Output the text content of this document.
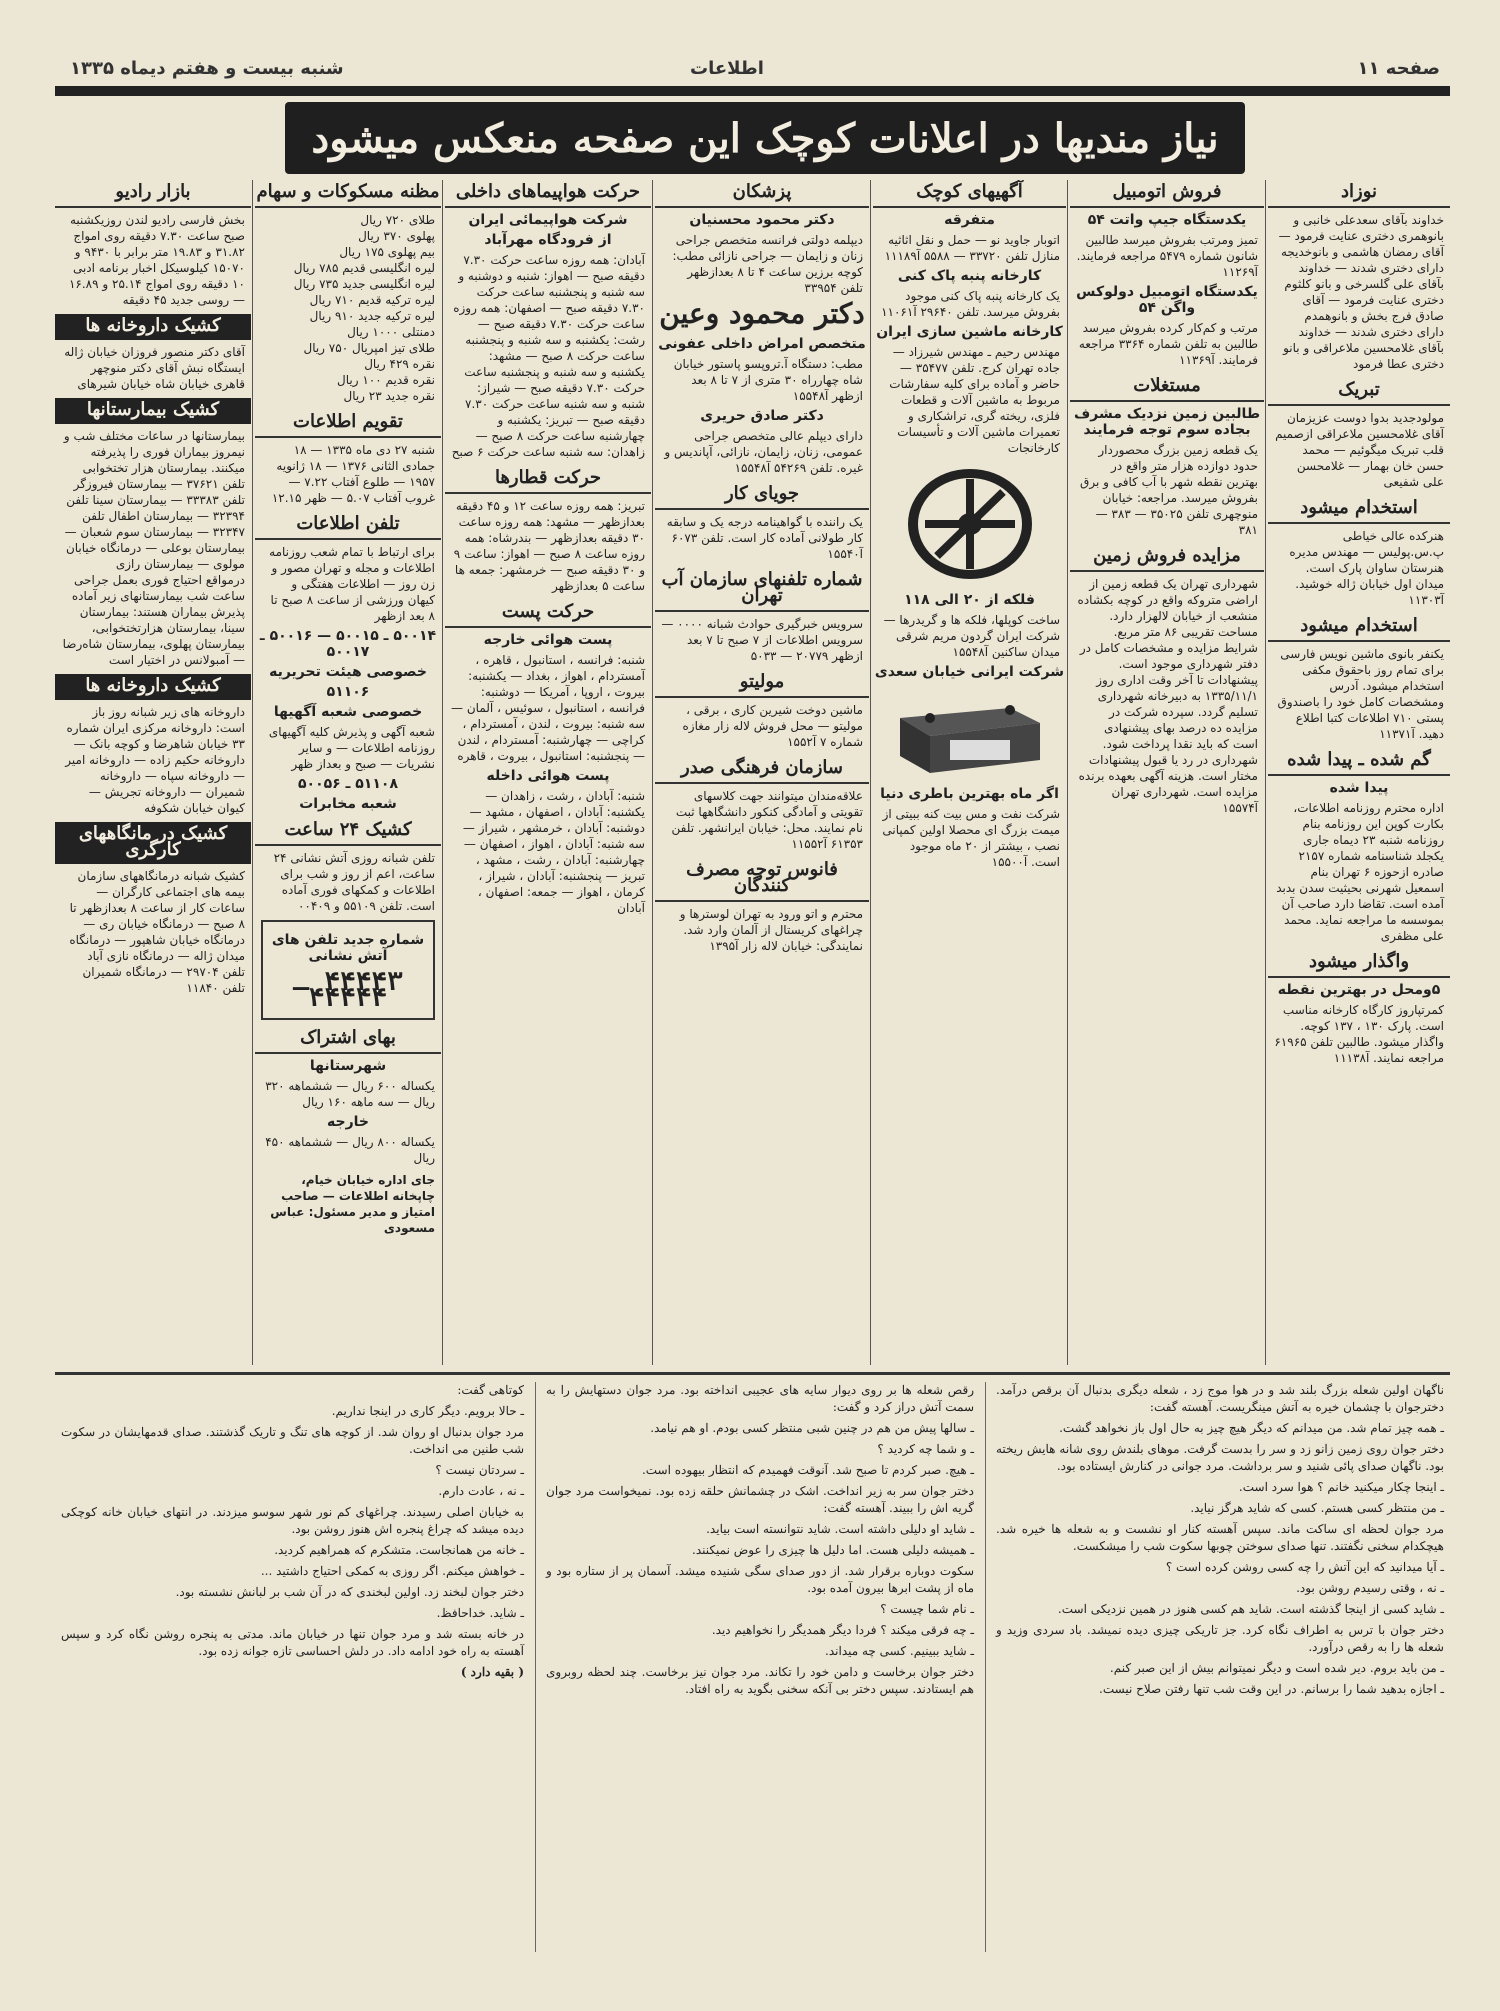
صفحه ۱۱
اطلاعات
شنبه بیست و هفتم دیماه ۱۳۳۵
نیاز مندیها در اعلانات کوچک این صفحه منعکس میشود
نوزاد

خداوند بآقای سعدعلی خانبی و بانوهمری دختری عنایت فرمود — آقای رمضان هاشمی و بانوخدیجه دارای دختری شدند — خداوند بآقای علی گلسرخی و بانو کلثوم دختری عنایت فرمود — آقای صادق فرج بخش و بانوهمدم دارای دختری شدند — خداوند بآقای غلامحسین ملاعراقی و بانو دختری عطا فرمود

تبریک

مولودجدید بدوا دوست عزیزمان آقای غلامحسین ملاعراقی ازصمیم قلب تبریک میگوئیم — محمد حسن خان بهمار — غلامحسن علی شفیعی

استخدام میشود

هنرکده عالی خیاطی پ.س.پولیس — مهندس مدیره هنرستان ساوان پارک است. میدان اول خیابان ژاله خوشید. آ۱۱۳۰۳

استخدام میشود

یکنفر بانوی ماشین نویس فارسی برای تمام روز باحقوق مکفی استخدام میشود. آدرس ومشخصات کامل خود را باصندوق پستی ۷۱۰ اطلاعات کتبا اطلاع دهید. آ۱۱۳۷۱

گم شده ـ پیدا شده
پیدا شده

اداره محترم روزنامه اطلاعات، بکارت کوپن این روزنامه بنام روزنامه شنبه ۲۳ دیماه جاری یکجلد شناسنامه شماره ۲۱۵۷ صادره ازحوزه ۶ تهران بنام اسمعیل شهرنی بحیثیت سدن بدبد آمده است. تقاضا دارد صاحب آن بموسسه ما مراجعه نماید. محمد علی مظفری

واگذار میشود
۵ومحل در بهترین نقطه

کمرتپاروز کارگاه کارخانه مناسب است. پارک ۱۳۰ ، ۱۳۷ کوچه. واگذار میشود. طالبین تلفن ۶۱۹۶۵ مراجعه نمایند. آ۱۱۱۳۸

فروش اتومبیل
یکدستگاه جیپ واتت ۵۴

تمیز ومرتب بفروش میرسد طالبین شانون شماره ۵۴۷۹ مراجعه فرمایند. آ۱۱۲۶۹

یکدستگاه اتومبیل دولوکس واگن ۵۴

مرتب و کم‌کار کرده بفروش میرسد طالبین به تلفن شماره ۳۳۶۴ مراجعه فرمایند. آ۱۱۳۶۹

مستغلات
طالبین زمین نزدیک مشرف بجاده سوم توجه فرمایند

یک قطعه زمین بزرگ محصوردار حدود دوازده هزار متر واقع در بهترین نقطه شهر با آب کافی و برق بفروش میرسد. مراجعه: خیابان منوچهری تلفن ۳۵۰۲۵ — ۳۸۳ — ۳۸۱

مزایده فروش زمین

شهرداری تهران یک قطعه زمین از اراضی متروکه واقع در کوچه بکشاده منشعب از خیابان لالهزار دارد. مساحت تقریبی ۸۶ متر مربع. شرایط مزایده و مشخصات کامل در دفتر شهرداری موجود است. پیشنهادات تا آخر وقت اداری روز ۱۳۳۵/۱۱/۱ به دبیرخانه شهرداری تسلیم گردد. سپرده شرکت در مزایده ده درصد بهای پیشنهادی است که باید نقدا پرداخت شود. شهرداری در رد یا قبول پیشنهادات مختار است. هزینه آگهی بعهده برنده مزایده است. شهرداری تهران آ۱۵۵۷۴

آگهیهای کوچک
متفرقه

اتوبار جاوید نو — حمل و نقل اثاثیه منازل تلفن ۳۳۷۲۰ — ۵۵۸۸ آ۱۱۱۸۹

کارخانه پنبه پاک کنی

یک کارخانه پنبه پاک کنی موجود بفروش میرسد. تلفن ۲۹۶۴۰ آ۱۱۰۶۱

کارخانه ماشین سازی ایران

مهندس رحیم ـ مهندس شیرزاد — جاده تهران کرج. تلفن ۳۵۴۷۷ — حاضر و آماده برای کلیه سفارشات مربوط به ماشین آلات و قطعات فلزی، ریخته گری، تراشکاری و تعمیرات ماشین آلات و تأسیسات کارخانجات

فلکه از ۲۰ الی ۱۱۸

ساخت کوپلها، فلکه ها و گریدرها — شرکت ایران گردون مریم شرقی میدان ساکنین آ۱۵۵۴۸

شرکت ایرانی خیابان سعدی
اگر ماه بهترین باطری دنیا

شرکت نفت و مس بیت کنه ببیتی از میمت بزرگ ای محصلا اولین کمپانی نصب ، بیشتر از ۲۰ ماه موجود است. آ۱۵۵۰۰

پزشکان
دکتر محمود محسنیان

دیپلمه دولتی فرانسه متخصص جراحی زنان و زایمان — جراحی نازائی مطب: کوچه برزین ساعت ۴ تا ۸ بعدازظهر تلفن ۳۳۹۵۴

دکتر محمود وعین
متخصص امراض داخلی عفونی

مطب: دستگاه آ.تروپسو پاستور خیابان شاه چهارراه ۳۰ متری از ۷ تا ۸ بعد ازظهر آ۱۵۵۴۸

دکتر صادق حریری

دارای دیپلم عالی متخصص جراحی عمومی، زنان، زایمان، نازائی، آپاندیس و غیره. تلفن ۵۴۲۶۹ آ۱۵۵۴۸

جویای کار

یک راننده با گواهینامه درجه یک و سابقه کار طولانی آماده کار است. تلفن ۶۰۷۳ آ۱۵۵۴۰

شماره تلفنهای سازمان آب تهران

سرویس خبرگیری حوادث شبانه ۰۰۰۰ — سرویس اطلاعات از ۷ صبح تا ۷ بعد ازظهر ۲۰۷۷۹ — ۵۰۳۳

مولیتو

ماشین دوخت شیرین کاری ، برقی ، مولیتو — محل فروش لاله زار مغازه شماره ۷ آ۱۵۵۲

سازمان فرهنگی صدر

علاقه‌مندان میتوانند جهت کلاسهای تقویتی و آمادگی کنکور دانشگاهها ثبت نام نمایند. محل: خیابان ایرانشهر. تلفن ۶۱۳۵۳ آ۱۱۵۵۲

فانوس توجه مصرف کنندگان

محترم و اتو ورود به تهران لوسترها و چراغهای کریستال از آلمان وارد شد. نمایندگی: خیابان لاله زار آ۱۳۹۵

حرکت هواپیماهای داخلی
شرکت هواپیمائی ایران
از فرودگاه مهرآباد

آبادان: همه روزه ساعت حرکت ۷.۳۰ دقیقه صبح — اهواز: شنبه و دوشنبه و سه شنبه و پنجشنبه ساعت حرکت ۷.۳۰ دقیقه صبح — اصفهان: همه روزه ساعت حرکت ۷.۳۰ دقیقه صبح — رشت: یکشنبه و سه شنبه و پنجشنبه ساعت حرکت ۸ صبح — مشهد: یکشنبه و سه شنبه و پنجشنبه ساعت حرکت ۷.۳۰ دقیقه صبح — شیراز: شنبه و سه شنبه ساعت حرکت ۷.۳۰ دقیقه صبح — تبریز: یکشنبه و چهارشنبه ساعت حرکت ۸ صبح — زاهدان: سه شنبه ساعت حرکت ۶ صبح

حرکت قطارها

تبریز: همه روزه ساعت ۱۲ و ۴۵ دقیقه بعدازظهر — مشهد: همه روزه ساعت ۳۰ دقیقه بعدازظهر — بندرشاه: همه روزه ساعت ۸ صبح — اهواز: ساعت ۹ و ۳۰ دقیقه صبح — خرمشهر: جمعه ها ساعت ۵ بعدازظهر

حرکت پست
پست هوائی خارجه

شنبه: فرانسه ، استانبول ، قاهره ، آمستردام ، اهواز ، بغداد — یکشنبه: بیروت ، اروپا ، آمریکا — دوشنبه: فرانسه ، استانبول ، سوئیس ، آلمان — سه شنبه: بیروت ، لندن ، آمستردام ، کراچی — چهارشنبه: آمستردام ، لندن — پنجشنبه: استانبول ، بیروت ، قاهره

پست هوائی داخله

شنبه: آبادان ، رشت ، زاهدان — یکشنبه: آبادان ، اصفهان ، مشهد — دوشنبه: آبادان ، خرمشهر ، شیراز — سه شنبه: آبادان ، اهواز ، اصفهان — چهارشنبه: آبادان ، رشت ، مشهد ، تبریز — پنجشنبه: آبادان ، شیراز ، کرمان ، اهواز — جمعه: اصفهان ، آبادان

مظنه مسکوکات و سهام
طلای ۷۲۰ ریال
پهلوی ۳۷۰ ریال
بیم پهلوی ۱۷۵ ریال
لیره انگلیسی قدیم ۷۸۵ ریال
لیره انگلیسی جدید ۷۳۵ ریال
لیره ترکیه قدیم ۷۱۰ ریال
لیره ترکیه جدید ۹۱۰ ریال
دمنتلی ۱۰۰۰ ریال
طلای تیز امپریال ۷۵۰ ریال
نقره ۴۲۹ ریال
نقره قدیم ۱۰۰ ریال
نقره جدید ۲۳ ریال
تقویم اطلاعات

شنبه ۲۷ دی ماه ۱۳۳۵ — ۱۸ جمادی الثانی ۱۳۷۶ — ۱۸ ژانویه ۱۹۵۷ — طلوع آفتاب ۷.۲۲ — غروب آفتاب ۵.۰۷ — ظهر ۱۲.۱۵

تلفن اطلاعات

برای ارتباط با تمام شعب روزنامه اطلاعات و مجله و تهران مصور و زن روز — اطلاعات هفتگی و کیهان ورزشی از ساعت ۸ صبح تا ۸ بعد ازظهر

۵۰۰۱۴ ـ ۵۰۰۱۵ — ۵۰۰۱۶ ـ ۵۰۰۱۷
خصوصی هیئت تحریریه
۵۱۱۰۶
خصوصی شعبه آگهیها

شعبه آگهی و پذیرش کلیه آگهیهای روزنامه اطلاعات — و سایر نشریات — صبح و بعداز ظهر

۵۱۱۰۸ ـ ۵۰۰۵۶
شعبه مخابرات
کشیک ۲۴ ساعت

تلفن شبانه روزی آتش نشانی ۲۴ ساعت، اعم از روز و شب برای اطلاعات و کمکهای فوری آماده است. تلفن ۵۵۱۰۹ و ۰۰۴۰۹

شماره جدید تلفن های آتش نشانی
۴۴۴۴۳ ـ ۴۴۴۴۴
بهای اشتراک
شهرستانها

یکساله ۶۰۰ ریال — ششماهه ۳۲۰ ریال — سه ماهه ۱۶۰ ریال

خارجه

یکساله ۸۰۰ ریال — ششماهه ۴۵۰ ریال

جای اداره خیابان خیام، چاپخانه اطلاعات — صاحب امتیاز و مدیر مسئول: عباس مسعودی

بازار رادیو

بخش فارسی رادیو لندن روزیکشنبه صبح ساعت ۷.۳۰ دقیقه روی امواج ۳۱.۸۲ و ۱۹.۸۳ متر برابر با ۹۴۳۰ و ۱۵۰۷۰ کیلوسیکل اخبار برنامه ادبی ۱۰ دقیقه روی امواج ۲۵.۱۴ و ۱۶.۸۹ — روسی جدید ۴۵ دقیقه

کشیک داروخانه ها

آقای دکتر منصور فروزان خیابان ژاله ایستگاه نبش آقای دکتر منوچهر قاهری خیابان شاه خیابان شیرهای

کشیک بیمارستانها

بیمارستانها در ساعات مختلف شب و نیمروز بیماران فوری را پذیرفته میکنند. بیمارستان هزار تختخوابی تلفن ۳۷۶۲۱ — بیمارستان فیروزگر تلفن ۳۳۳۸۳ — بیمارستان سینا تلفن ۳۲۳۹۴ — بیمارستان اطفال تلفن ۳۲۳۴۷ — بیمارستان سوم شعبان — بیمارستان بوعلی — درمانگاه خیابان مولوی — بیمارستان رازی

درمواقع احتیاج فوری بعمل جراحی ساعت شب بیمارستانهای زیر آماده پذیرش بیماران هستند: بیمارستان سینا، بیمارستان هزارتختخوابی، بیمارستان پهلوی، بیمارستان شاه‌رضا — آمبولانس در اختیار است

کشیک داروخانه ها

داروخانه های زیر شبانه روز باز است: داروخانه مرکزی ایران شماره ۳۳ خیابان شاهرضا و کوچه بانک — داروخانه حکیم زاده — داروخانه امیر — داروخانه سپاه — داروخانه شمیران — داروخانه تجریش — کیوان خیابان شکوفه

کشیک در مانگاههای کارگری

کشیک شبانه درمانگاههای سازمان بیمه های اجتماعی کارگران — ساعات کار از ساعت ۸ بعدازظهر تا ۸ صبح — درمانگاه خیابان ری — درمانگاه خیابان شاهپور — درمانگاه میدان ژاله — درمانگاه نازی آباد تلفن ۲۹۷۰۴ — درمانگاه شمیران تلفن ۱۱۸۴۰

ناگهان اولین شعله بزرگ بلند شد و در هوا موج زد ، شعله دیگری بدنبال آن برقص درآمد. دخترجوان با چشمان خیره به آتش مینگریست. آهسته گفت:

ـ همه چیز تمام شد. من میدانم که دیگر هیچ چیز به حال اول باز نخواهد گشت.

دختر جوان روی زمین زانو زد و سر را بدست گرفت. موهای بلندش روی شانه هایش ریخته بود. ناگهان صدای پائی شنید و سر برداشت. مرد جوانی در کنارش ایستاده بود.

ـ اینجا چکار میکنید خانم ؟ هوا سرد است.

ـ من منتظر کسی هستم. کسی که شاید هرگز نیاید.

مرد جوان لحظه ای ساکت ماند. سپس آهسته کنار او نشست و به شعله ها خیره شد. هیچکدام سخنی نگفتند. تنها صدای سوختن چوبها سکوت شب را میشکست.

ـ آیا میدانید که این آتش را چه کسی روشن کرده است ؟

ـ نه ، وقتی رسیدم روشن بود.

ـ شاید کسی از اینجا گذشته است. شاید هم کسی هنوز در همین نزدیکی است.

دختر جوان با ترس به اطراف نگاه کرد. جز تاریکی چیزی دیده نمیشد. باد سردی وزید و شعله ها را به رقص درآورد.

ـ من باید بروم. دیر شده است و دیگر نمیتوانم بیش از این صبر کنم.

ـ اجازه بدهید شما را برسانم. در این وقت شب تنها رفتن صلاح نیست.

رقص شعله ها بر روی دیوار سایه های عجیبی انداخته بود. مرد جوان دستهایش را به سمت آتش دراز کرد و گفت:

ـ سالها پیش من هم در چنین شبی منتظر کسی بودم. او هم نیامد.

ـ و شما چه کردید ؟

ـ هیچ. صبر کردم تا صبح شد. آنوقت فهمیدم که انتظار بیهوده است.

دختر جوان سر به زیر انداخت. اشک در چشمانش حلقه زده بود. نمیخواست مرد جوان گریه اش را ببیند. آهسته گفت:

ـ شاید او دلیلی داشته است. شاید نتوانسته است بیاید.

ـ همیشه دلیلی هست. اما دلیل ها چیزی را عوض نمیکنند.

سکوت دوباره برقرار شد. از دور صدای سگی شنیده میشد. آسمان پر از ستاره بود و ماه از پشت ابرها بیرون آمده بود.

ـ نام شما چیست ؟

ـ چه فرقی میکند ؟ فردا دیگر همدیگر را نخواهیم دید.

ـ شاید ببینیم. کسی چه میداند.

دختر جوان برخاست و دامن خود را تکاند. مرد جوان نیز برخاست. چند لحظه روبروی هم ایستادند. سپس دختر بی آنکه سخنی بگوید به راه افتاد.

کوتاهی گفت:

ـ حالا برویم. دیگر کاری در اینجا نداریم.

مرد جوان بدنبال او روان شد. از کوچه های تنگ و تاریک گذشتند. صدای قدمهایشان در سکوت شب طنین می انداخت.

ـ سردتان نیست ؟

ـ نه ، عادت دارم.

به خیابان اصلی رسیدند. چراغهای کم نور شهر سوسو میزدند. در انتهای خیابان خانه کوچکی دیده میشد که چراغ پنجره اش هنوز روشن بود.

ـ خانه من همانجاست. متشکرم که همراهیم کردید.

ـ خواهش میکنم. اگر روزی به کمکی احتیاج داشتید ...

دختر جوان لبخند زد. اولین لبخندی که در آن شب بر لبانش نشسته بود.

ـ شاید. خداحافظ.

در خانه بسته شد و مرد جوان تنها در خیابان ماند. مدتی به پنجره روشن نگاه کرد و سپس آهسته به راه خود ادامه داد. در دلش احساسی تازه جوانه زده بود.

( بقیه دارد )
